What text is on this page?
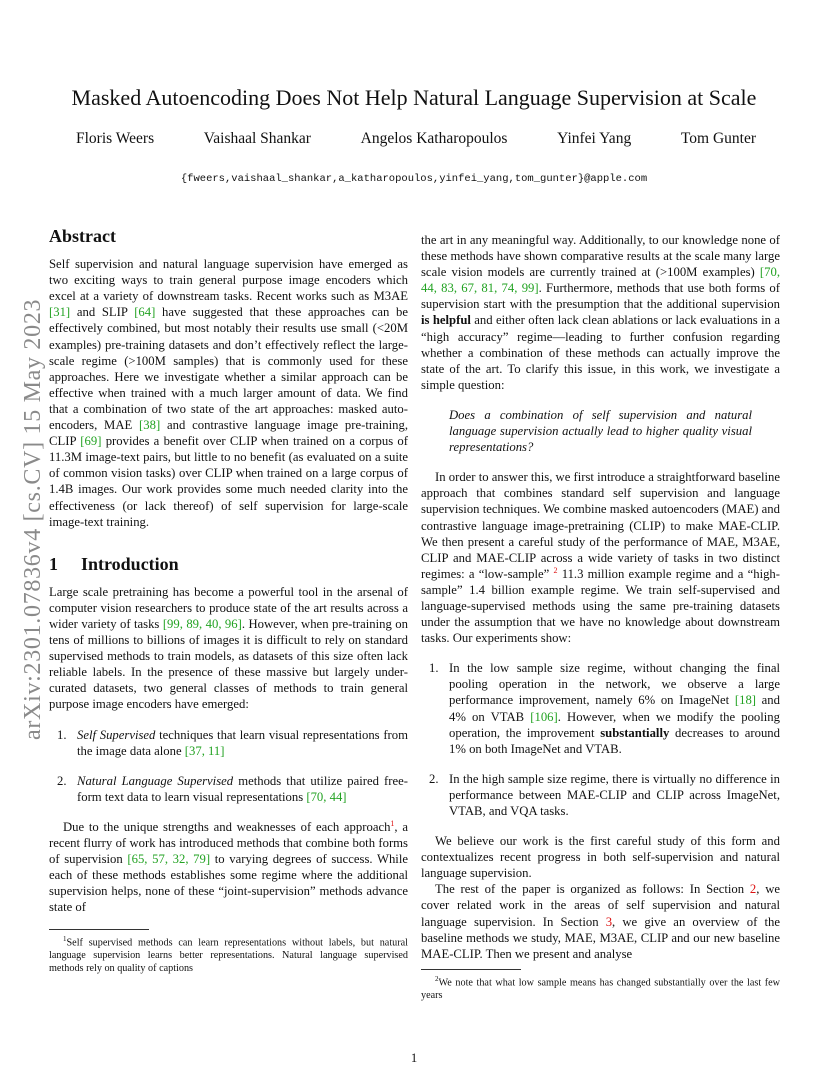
arXiv:2301.07836v4 [cs.CV] 15 May 2023
Masked Autoencoding Does Not Help Natural Language Supervision at Scale
Floris Weers	Vaishaal Shankar	Angelos Katharopoulos	Yinfei Yang	Tom Gunter
{fweers,vaishaal_shankar,a_katharopoulos,yinfei_yang,tom_gunter}@apple.com
Abstract

Self supervision and natural language supervision have emerged as two exciting ways to train general purpose image encoders which excel at a variety of downstream tasks. Recent works such as M3AE [31] and SLIP [64] have suggested that these approaches can be effectively combined, but most notably their results use small (<20M examples) pre-training datasets and don’t effectively reflect the large-scale regime (>100M samples) that is commonly used for these approaches. Here we investigate whether a similar approach can be effective when trained with a much larger amount of data. We find that a combination of two state of the art approaches: masked auto-encoders, MAE [38] and contrastive language image pre-training, CLIP [69] provides a benefit over CLIP when trained on a corpus of 11.3M image-text pairs, but little to no benefit (as evaluated on a suite of common vision tasks) over CLIP when trained on a large corpus of 1.4B images. Our work provides some much needed clarity into the effectiveness (or lack thereof) of self supervision for large-scale image-text training.

1 Introduction

Large scale pretraining has become a powerful tool in the arsenal of computer vision researchers to produce state of the art results across a wider variety of tasks [99, 89, 40, 96]. However, when pre-training on tens of millions to billions of images it is difficult to rely on standard supervised methods to train models, as datasets of this size often lack reliable labels. In the presence of these massive but largely under-curated datasets, two general classes of methods to train general purpose image encoders have emerged:

1. Self Supervised techniques that learn visual representations from the image data alone [37, 11]

2. Natural Language Supervised methods that utilize paired free-form text data to learn visual representations [70, 44]

Due to the unique strengths and weaknesses of each approach$^1$, a recent flurry of work has introduced methods that combine both forms of supervision [65, 57, 32, 79] to varying degrees of success. While each of these methods establishes some regime where the additional supervision helps, none of these “joint-supervision” methods advance state of

$^1$Self supervised methods can learn representations without labels, but natural language supervision learns better representations. Natural language supervised methods rely on quality of captions

the art in any meaningful way. Additionally, to our knowledge none of these methods have shown comparative results at the scale many large scale vision models are currently trained at (>100M examples) [70, 44, 83, 67, 81, 74, 99]. Furthermore, methods that use both forms of supervision start with the presumption that the additional supervision is helpful and either often lack clean ablations or lack evaluations in a “high accuracy” regime—leading to further confusion regarding whether a combination of these methods can actually improve the state of the art. To clarify this issue, in this work, we investigate a simple question:

Does a combination of self supervision and natural language supervision actually lead to higher quality visual representations?

In order to answer this, we first introduce a straightforward baseline approach that combines standard self supervision and language supervision techniques. We combine masked autoencoders (MAE) and contrastive language image-pretraining (CLIP) to make MAE-CLIP. We then present a careful study of the performance of MAE, M3AE, CLIP and MAE-CLIP across a wide variety of tasks in two distinct regimes: a “low-sample” $^2$ 11.3 million example regime and a “high-sample” 1.4 billion example regime. We train self-supervised and language-supervised methods using the same pre-training datasets under the assumption that we have no knowledge about downstream tasks. Our experiments show:

1. In the low sample size regime, without changing the final pooling operation in the network, we observe a large performance improvement, namely 6% on ImageNet [18] and 4% on VTAB [106]. However, when we modify the pooling operation, the improvement substantially decreases to around 1% on both ImageNet and VTAB.

2. In the high sample size regime, there is virtually no difference in performance between MAE-CLIP and CLIP across ImageNet, VTAB, and VQA tasks.

We believe our work is the first careful study of this form and contextualizes recent progress in both self-supervision and natural language supervision.

The rest of the paper is organized as follows: In Section 2, we cover related work in the areas of self supervision and natural language supervision. In Section 3, we give an overview of the baseline methods we study, MAE, M3AE, CLIP and our new baseline MAE-CLIP. Then we present and analyse

$^2$We note that what low sample means has changed substantially over the last few years

1
